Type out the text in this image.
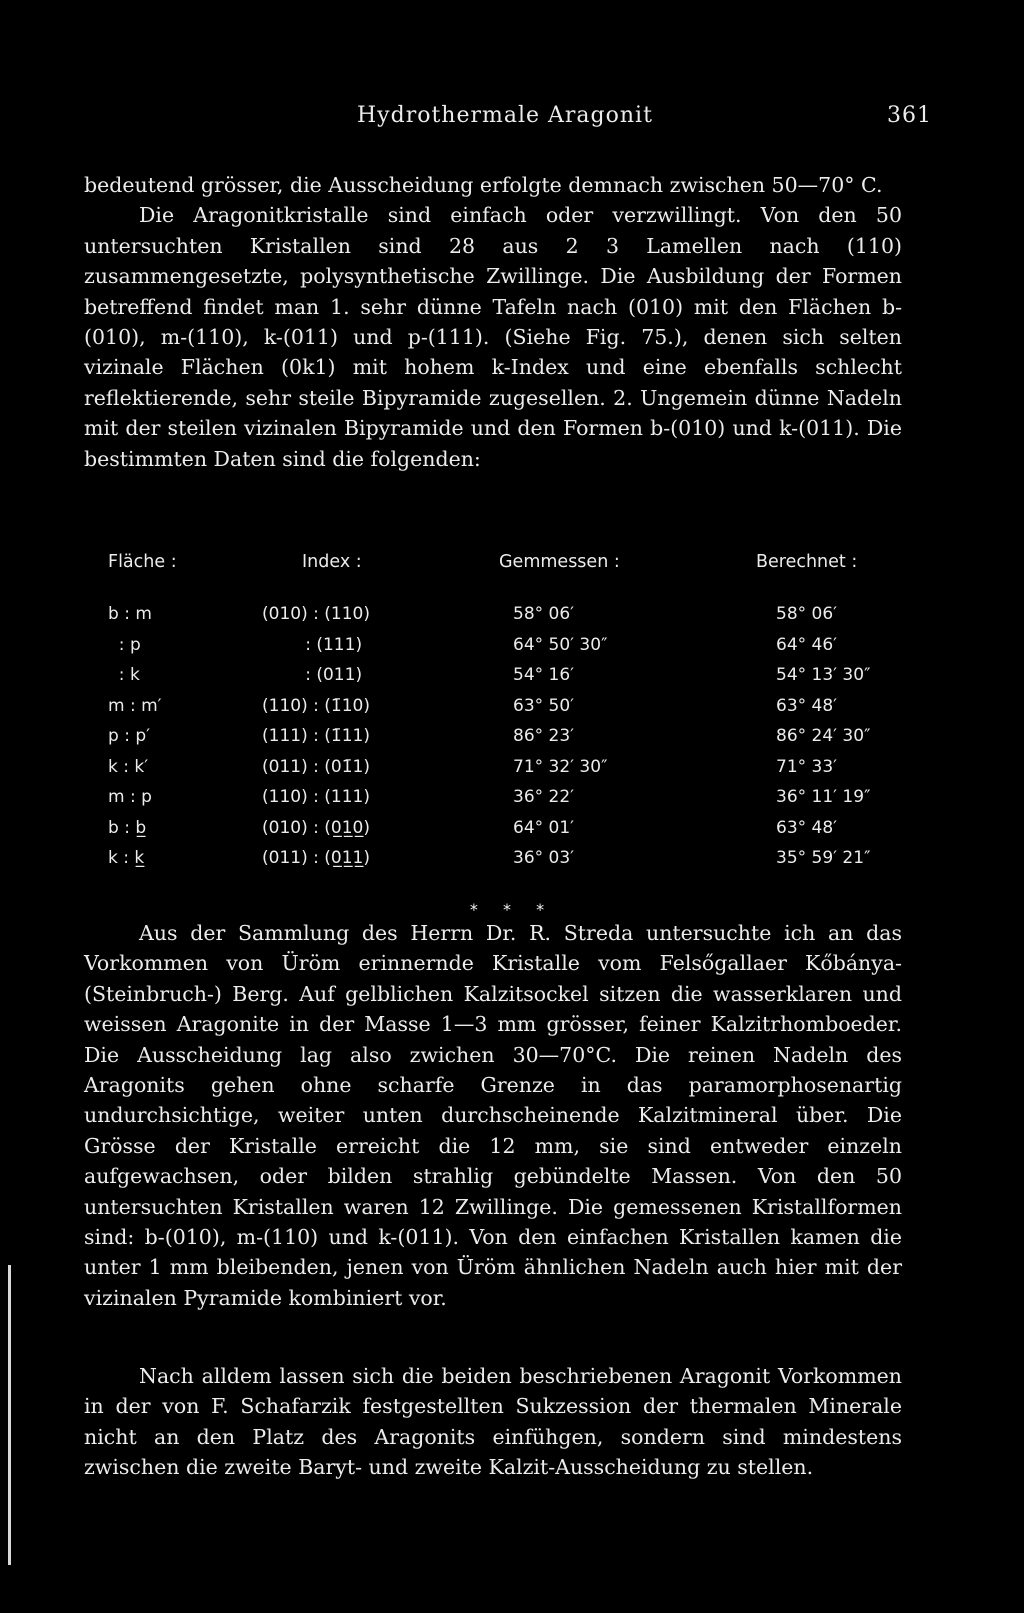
Hydrothermale Aragonit	361

bedeutend grösser, die Ausscheidung erfolgte demnach zwischen 50—70° C.

Die Aragonitkristalle sind einfach oder verzwillingt. Von den 50 untersuchten Kristallen sind 28 aus 2 3 Lamellen nach (110) zusammengesetzte, polysynthetische Zwillinge. Die Ausbildung der Formen betreffend findet man 1. sehr dünne Tafeln nach (010) mit den Flächen b-(010), m-(110), k-(011) und p-(111). (Siehe Fig. 75.), denen sich selten vizinale Flächen (0k1) mit hohem k-Index und eine ebenfalls schlecht reflektierende, sehr steile Bipyramide zugesellen. 2. Ungemein dünne Nadeln mit der steilen vizinalen Bipyramide und den Formen b-(010) und k-(011). Die bestimmten Daten sind die folgenden:

Fläche :	Index :	Gemmessen :	Berechnet :
b : m	(010) : (110)	58° 06′	58° 06′
: p	: (111)	64° 50′ 30″	64° 46′
: k	: (011)	54° 16′	54° 13′ 30″
m : m′	(110) : (1̄10)	63° 50′	63° 48′
p : p′	(111) : (1̄11)	86° 23′	86° 24′ 30″
k : k′	(011) : (01̄1)	71° 32′ 30″	71° 33′
m : p	(110) : (111)	36° 22′	36° 11′ 19″
b : b̲	(010) : (0̲1̲0̲)	64° 01′	63° 48′
k : k̲	(011) : (0̲1̲1̲)	36° 03′	35° 59′ 21″
* * *

Aus der Sammlung des Herrn Dr. R. Streda untersuchte ich an das Vorkommen von Üröm erinnernde Kristalle vom Felsőgallaer Kőbánya-(Steinbruch-) Berg. Auf gelblichen Kalzitsockel sitzen die wasserklaren und weissen Aragonite in der Masse 1—3 mm grösser, feiner Kalzitrhomboeder. Die Ausscheidung lag also zwichen 30—70°C. Die reinen Nadeln des Aragonits gehen ohne scharfe Grenze in das paramorphosenartig undurchsichtige, weiter unten durchscheinende Kalzitmineral über. Die Grösse der Kristalle erreicht die 12 mm, sie sind entweder einzeln aufgewachsen, oder bilden strahlig gebündelte Massen. Von den 50 untersuchten Kristallen waren 12 Zwillinge. Die gemessenen Kristallformen sind: b-(010), m-(110) und k-(011). Von den einfachen Kristallen kamen die unter 1 mm bleibenden, jenen von Üröm ähnlichen Nadeln auch hier mit der vizinalen Pyramide kombiniert vor.

Nach alldem lassen sich die beiden beschriebenen Aragonit Vorkommen in der von F. Schafarzik festgestellten Sukzession der thermalen Minerale nicht an den Platz des Aragonits einfühgen, sondern sind mindestens zwischen die zweite Baryt- und zweite Kalzit-Ausscheidung zu stellen.
